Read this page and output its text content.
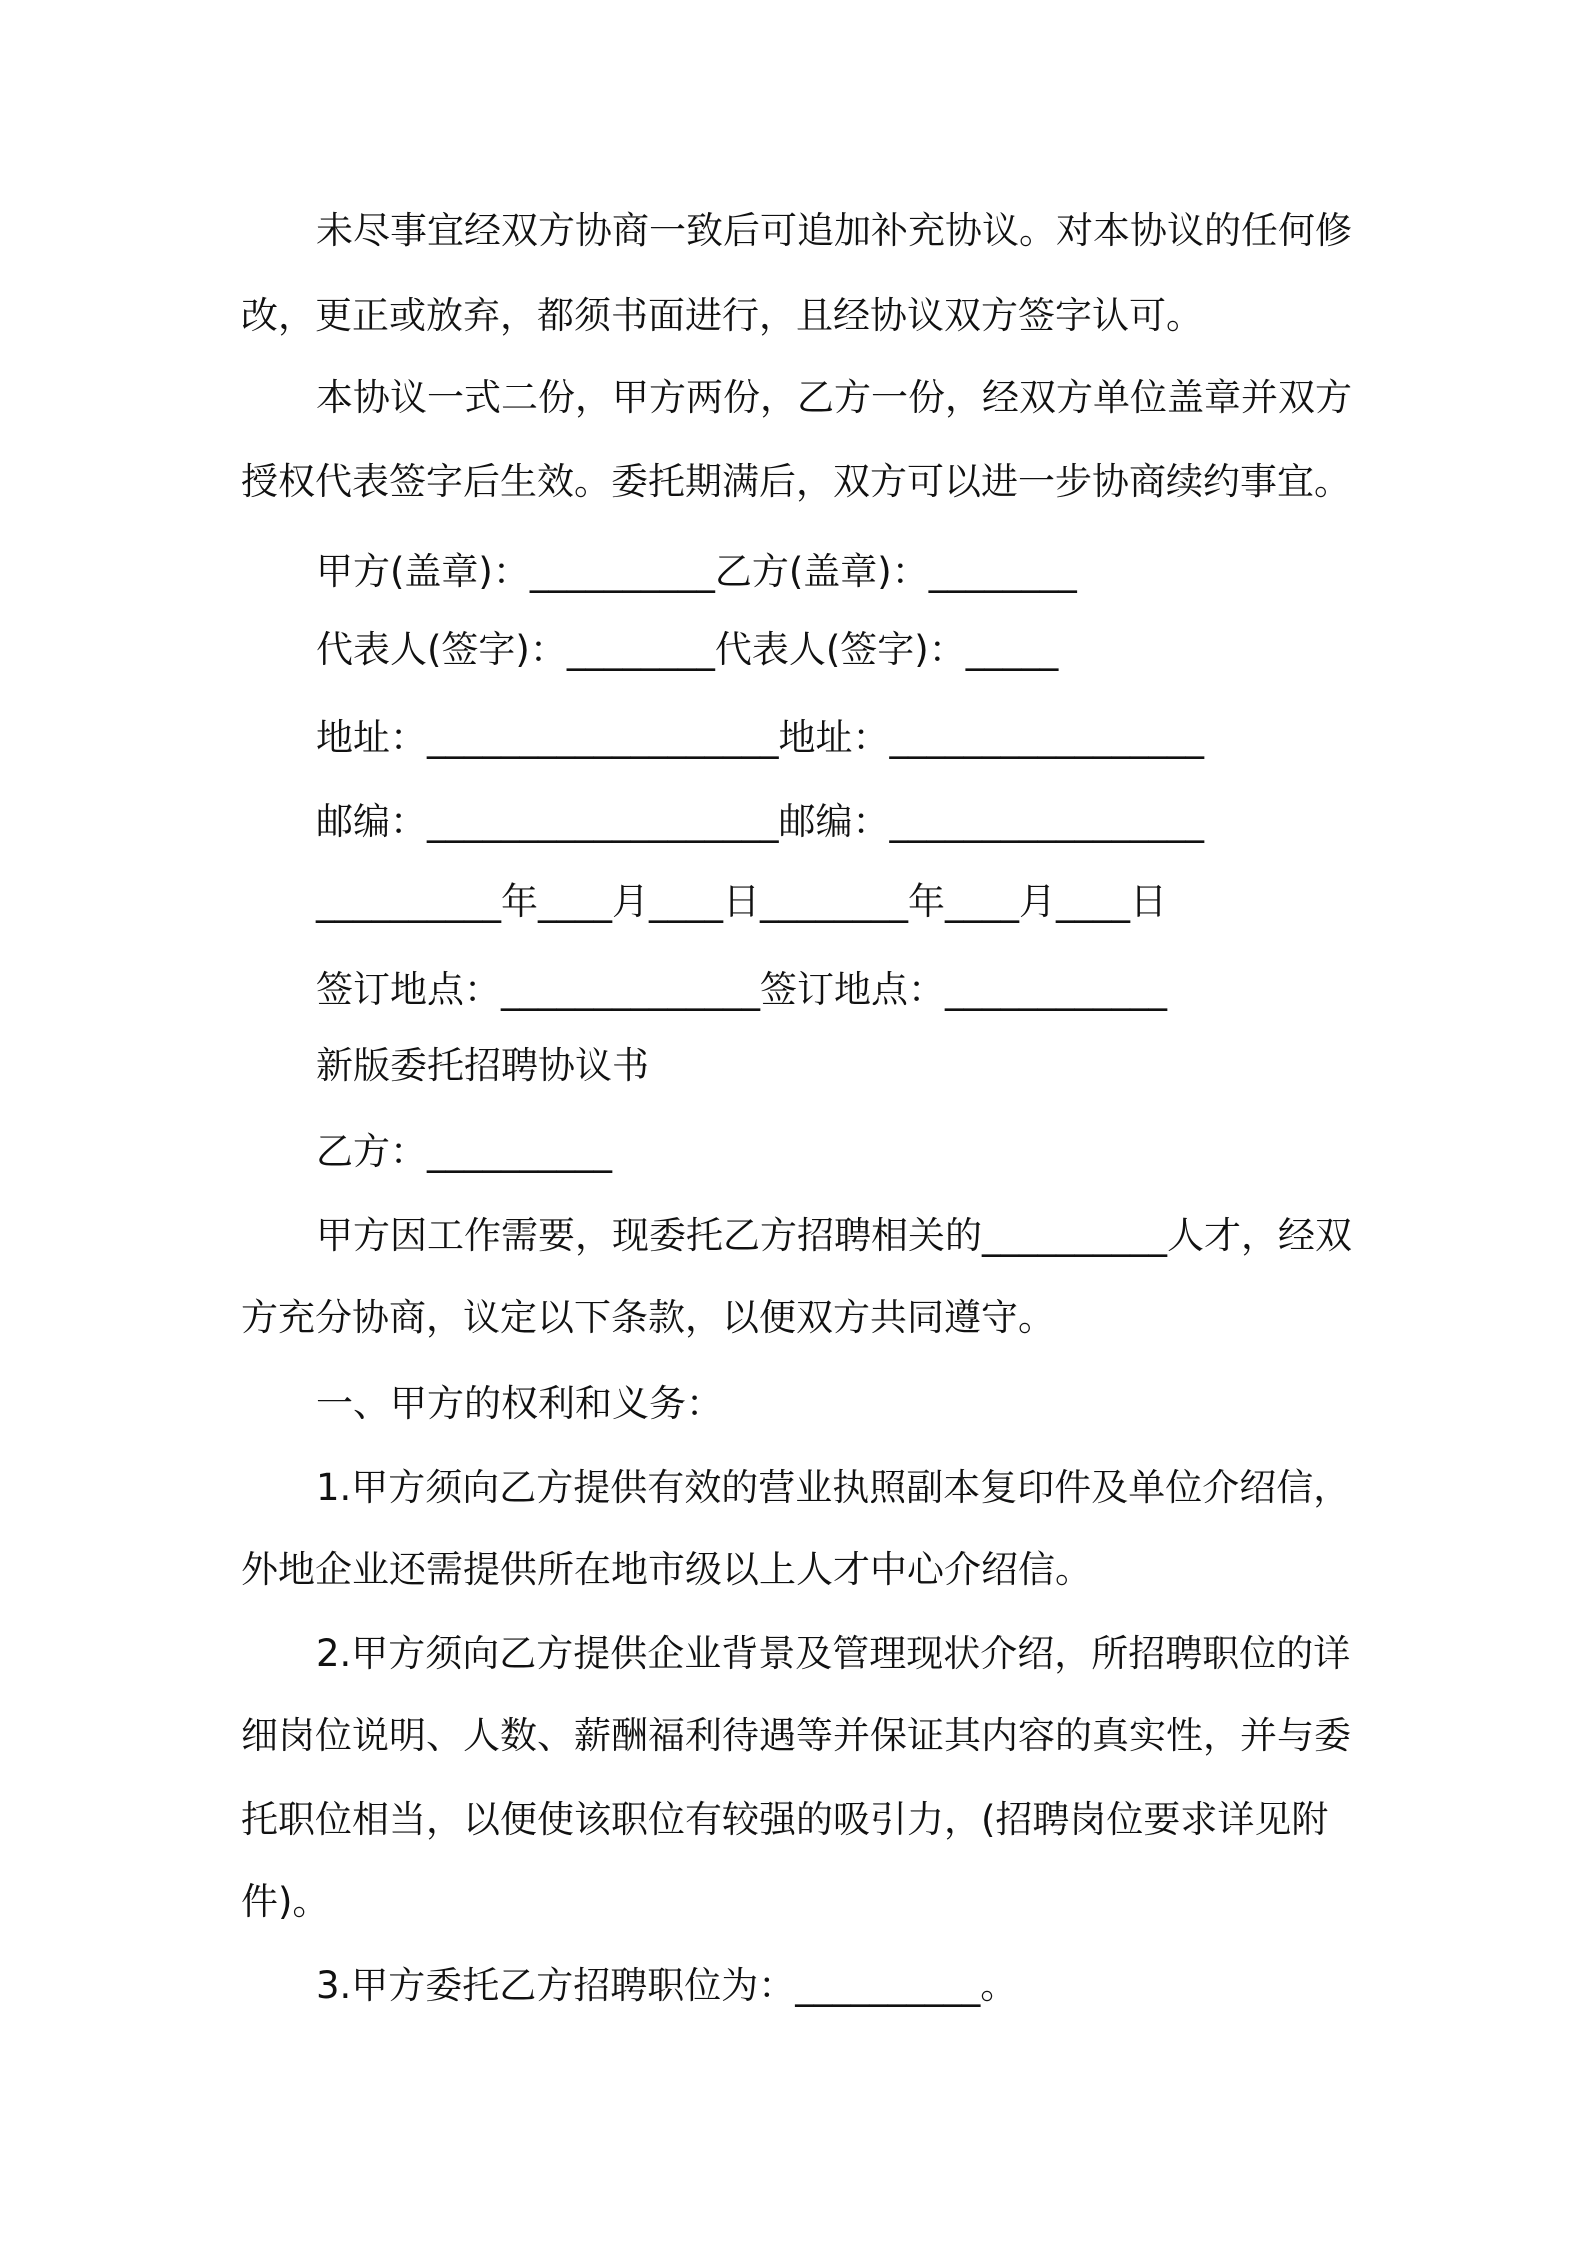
未尽事宜经双方协商一致后可追加补充协议。对本协议的任何修
改，更正或放弃，都须书面进行，且经协议双方签字认可。
本协议一式二份，甲方两份，乙方一份，经双方单位盖章并双方
授权代表签字后生效。委托期满后，双方可以进一步协商续约事宜。
甲方(盖章)：__________乙方(盖章)：________
代表人(签字)：________代表人(签字)：_____
地址：___________________地址：_________________
邮编：___________________邮编：_________________
__________年____月____日________年____月____日
签订地点：______________签订地点：____________
新版委托招聘协议书
乙方：__________
甲方因工作需要，现委托乙方招聘相关的__________人才，经双
方充分协商，议定以下条款，以便双方共同遵守。
一、甲方的权利和义务：
1.甲方须向乙方提供有效的营业执照副本复印件及单位介绍信，
外地企业还需提供所在地市级以上人才中心介绍信。
2.甲方须向乙方提供企业背景及管理现状介绍，所招聘职位的详
细岗位说明、人数、薪酬福利待遇等并保证其内容的真实性，并与委
托职位相当，以便使该职位有较强的吸引力，(招聘岗位要求详见附
件)。
3.甲方委托乙方招聘职位为：__________。
